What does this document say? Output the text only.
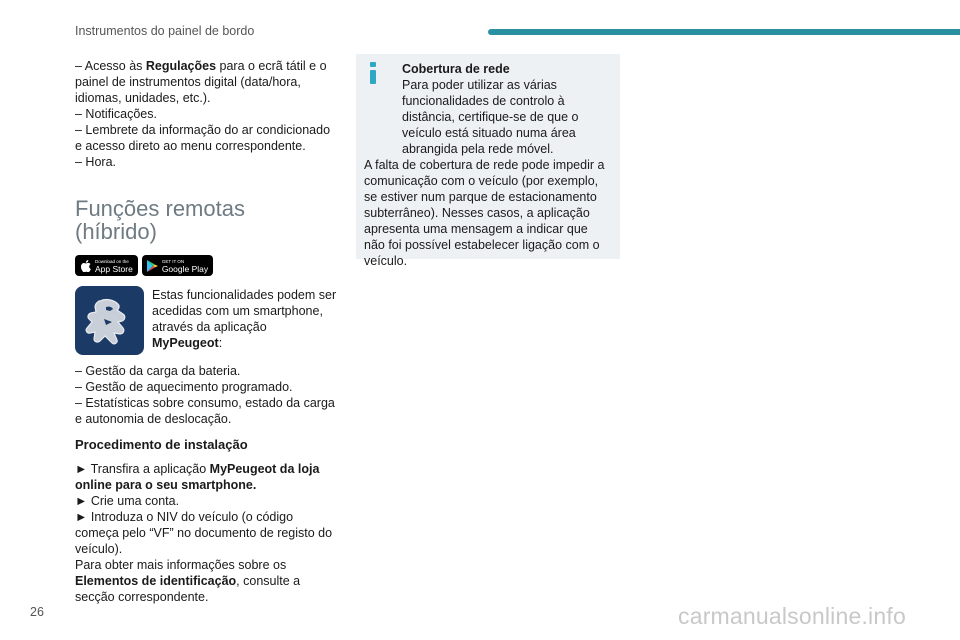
Instrumentos do painel de bordo

– Acesso às Regulações para o ecrã tátil e o painel de instrumentos digital (data/hora, idiomas, unidades, etc.).

– Notificações.

– Lembrete da informação do ar condicionado e acesso direto ao menu correspondente.

– Hora.

Funções remotas
(híbrido)
Download on the
App Store
GET IT ON
Google Play
Estas funcionalidades podem ser acedidas com um smartphone, através da aplicação MyPeugeot:

– Gestão da carga da bateria.

– Gestão de aquecimento programado.

– Estatísticas sobre consumo, estado da carga e autonomia de deslocação.

Procedimento de instalação

► Transfira a aplicação MyPeugeot da loja online para o seu smartphone.

► Crie uma conta.

► Introduza o NIV do veículo (o código começa pelo “VF” no documento de registo do veículo).

Para obter mais informações sobre os Elementos de identificação, consulte a secção correspondente.

Cobertura de rede
Para poder utilizar as várias funcionalidades de controlo à distância, certifique-se de que o veículo está situado numa área abrangida pela rede móvel.
A falta de cobertura de rede pode impedir a comunicação com o veículo (por exemplo, se estiver num parque de estacionamento subterrâneo). Nesses casos, a aplicação apresenta uma mensagem a indicar que não foi possível estabelecer ligação com o veículo.
26	carmanualsonline.info
